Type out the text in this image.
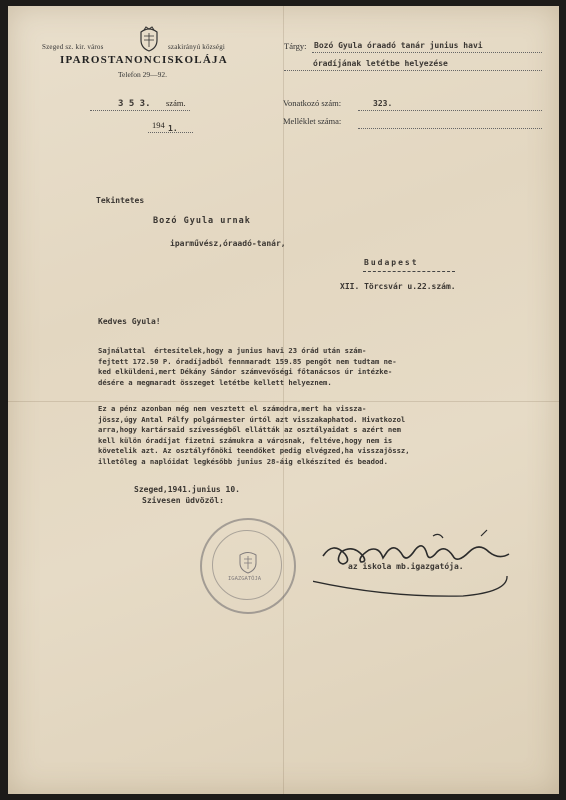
Szeged sz. kir. város	szakirányú községi
IPAROSTANONCISKOLÁJA
Telefon 29—92.
3 5 3. szám.
194 1.
Tárgy: Bozó Gyula óraadó tanár junius havi
óradíjának letétbe helyezése
Vonatkozó szám:	323.
Melléklet száma:
Tekintetes
Bozó Gyula urnak
iparművész,óraadó-tanár,
Budapest
XII. Törcsvár u.22.szám.
Kedves Gyula!
Sajnálattal  értesítelek,hogy a junius havi 23 órád után szám-
fejtett 172.50 P. óradíjadból fennmaradt 159.85 pengőt nem tudtam ne-
ked elküldeni,mert Dékány Sándor számvevőségi főtanácsos úr intézke-
désére a megmaradt összeget letétbe kellett helyeznem.
Ez a pénz azonban még nem vesztett el számodra,mert ha vissza-
jössz,úgy Antal Pálfy polgármester úrtól azt visszakaphatod. Hivatkozol
arra,hogy kartársaid szívességből ellátták az osztályaidat s azért nem
kell külön óradíjat fizetni számukra a városnak, feltéve,hogy nem is
követelik azt. Az osztályfőnöki teendőket pedig elvégzed,ha visszajössz,
illetőleg a naplóidat legkésőbb junius 28-áig elkészíted és beadod.
Szeged,1941.junius 10.
Szivesen üdvözöl:
az iskola mb.igazgatója.
IGAZGATÓJA
